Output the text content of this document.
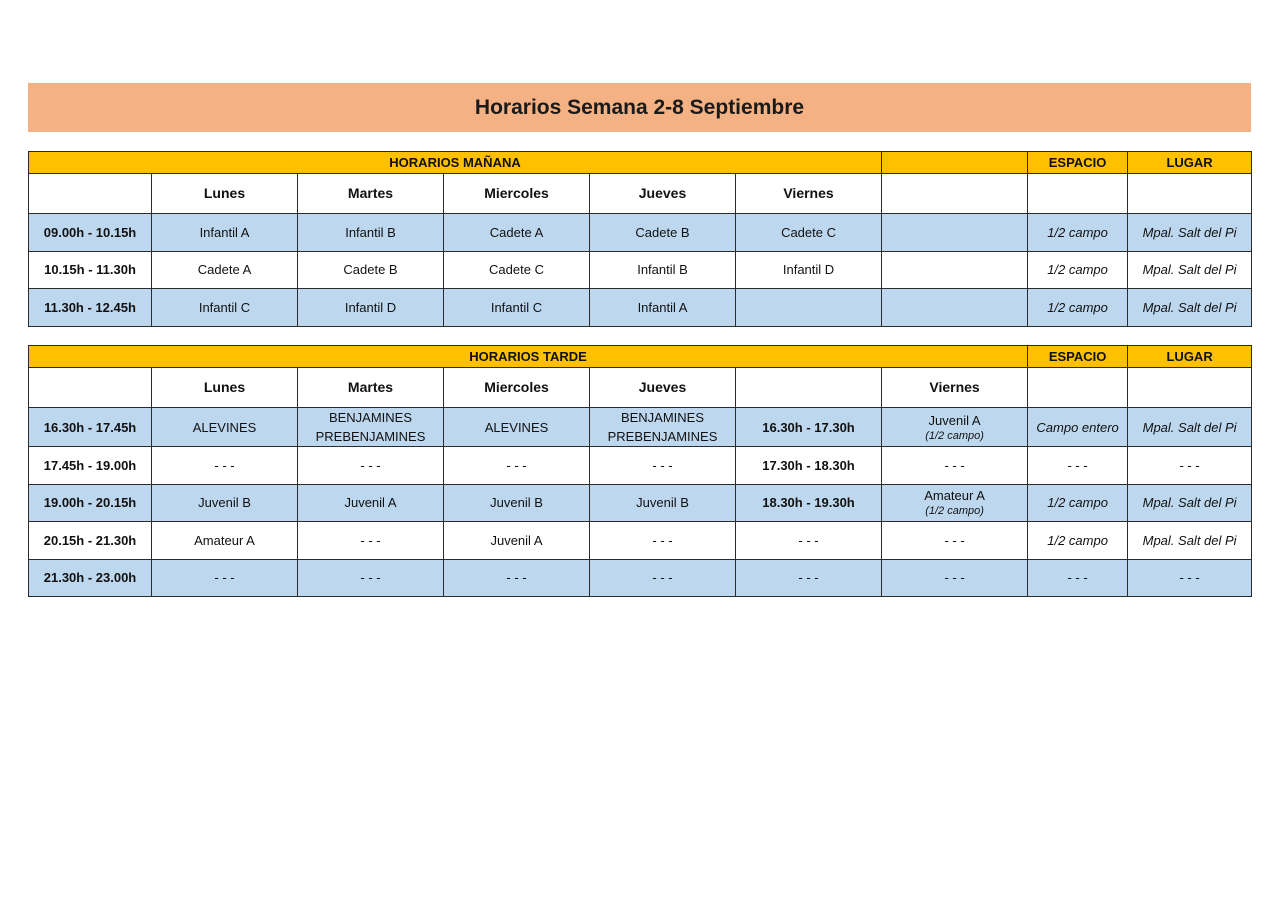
Horarios Semana 2-8 Septiembre
HORARIOS MAÑANA							ESPACIO	LUGAR
	Lunes	Martes	Miercoles	Jueves	Viernes			
09.00h - 10.15h	Infantil A	Infantil B	Cadete A	Cadete B	Cadete C		1/2 campo	Mpal. Salt del Pi
10.15h - 11.30h	Cadete A	Cadete B	Cadete C	Infantil B	Infantil D		1/2 campo	Mpal. Salt del Pi
11.30h - 12.45h	Infantil C	Infantil D	Infantil C	Infantil A			1/2 campo	Mpal. Salt del Pi
HORARIOS TARDE							ESPACIO	LUGAR
	Lunes	Martes	Miercoles	Jueves		Viernes		
16.30h - 17.45h	ALEVINES	BENJAMINES
PREBENJAMINES	ALEVINES	BENJAMINES
PREBENJAMINES	16.30h - 17.30h	Juvenil A
(1/2 campo)	Campo entero	Mpal. Salt del Pi
17.45h - 19.00h	- - -	- - -	- - -	- - -	17.30h - 18.30h	- - -	- - -	- - -
19.00h - 20.15h	Juvenil B	Juvenil A	Juvenil B	Juvenil B	18.30h - 19.30h	Amateur A
(1/2 campo)	1/2 campo	Mpal. Salt del Pi
20.15h - 21.30h	Amateur A	- - -	Juvenil A	- - -	- - -	- - -	1/2 campo	Mpal. Salt del Pi
21.30h - 23.00h	- - -	- - -	- - -	- - -	- - -	- - -	- - -	- - -
